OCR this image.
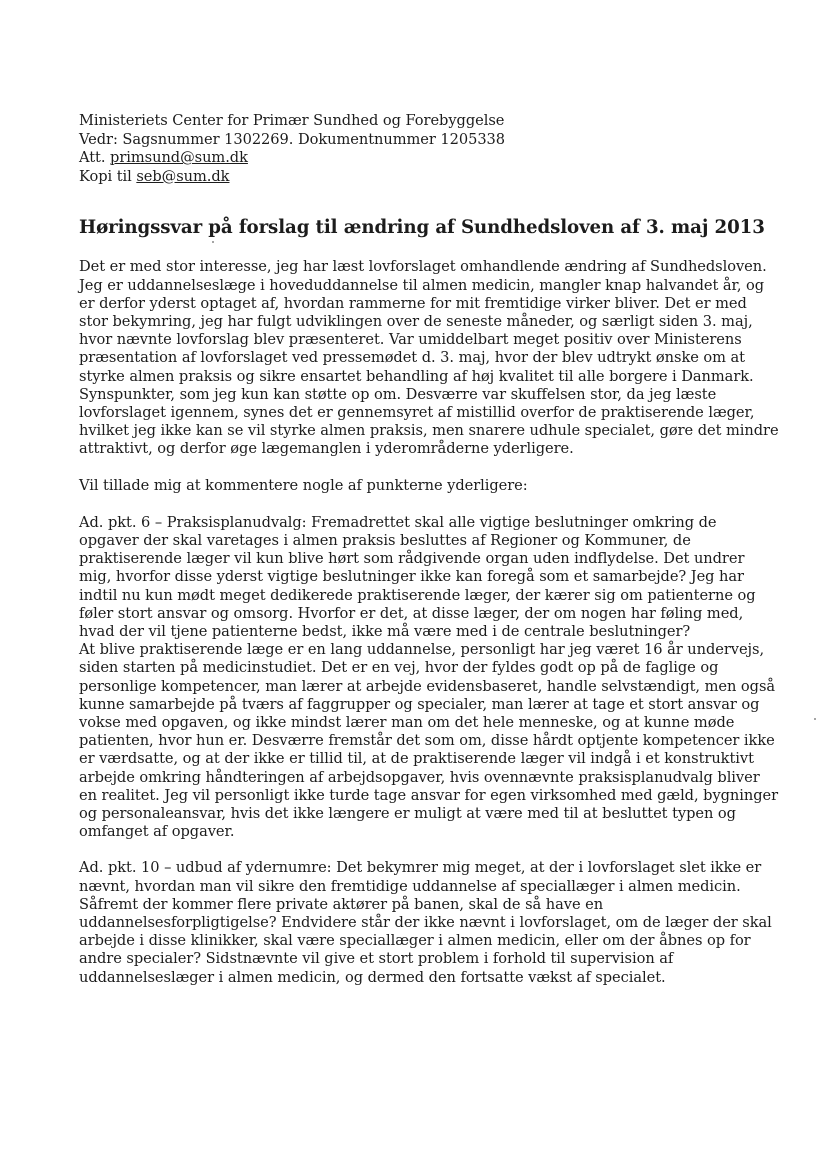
Ministeriets Center for Primær Sundhed og Forebyggelse
Vedr: Sagsnummer 1302269. Dokumentnummer 1205338
Att. primsund@sum.dk
Kopi til seb@sum.dk
Høringssvar på forslag til ændring af Sundhedsloven af 3. maj 2013
Det er med stor interesse, jeg har læst lovforslaget omhandlende ændring af Sundhedsloven.
Jeg er uddannelseslæge i hoveduddannelse til almen medicin, mangler knap halvandet år, og
er derfor yderst optaget af, hvordan rammerne for mit fremtidige virker bliver. Det er med
stor bekymring, jeg har fulgt udviklingen over de seneste måneder, og særligt siden 3. maj,
hvor nævnte lovforslag blev præsenteret. Var umiddelbart meget positiv over Ministerens
præsentation af lovforslaget ved pressemødet d. 3. maj, hvor der blev udtrykt ønske om at
styrke almen praksis og sikre ensartet behandling af høj kvalitet til alle borgere i Danmark.
Synspunkter, som jeg kun kan støtte op om. Desværre var skuffelsen stor, da jeg læste
lovforslaget igennem, synes det er gennemsyret af mistillid overfor de praktiserende læger,
hvilket jeg ikke kan se vil styrke almen praksis, men snarere udhule specialet, gøre det mindre
attraktivt, og derfor øge lægemanglen i yderområderne yderligere.
Vil tillade mig at kommentere nogle af punkterne yderligere:
Ad. pkt. 6 – Praksisplanudvalg: Fremadrettet skal alle vigtige beslutninger omkring de
opgaver der skal varetages i almen praksis besluttes af Regioner og Kommuner, de
praktiserende læger vil kun blive hørt som rådgivende organ uden indflydelse. Det undrer
mig, hvorfor disse yderst vigtige beslutninger ikke kan foregå som et samarbejde? Jeg har
indtil nu kun mødt meget dedikerede praktiserende læger, der kærer sig om patienterne og
føler stort ansvar og omsorg. Hvorfor er det, at disse læger, der om nogen har føling med,
hvad der vil tjene patienterne bedst, ikke må være med i de centrale beslutninger?
At blive praktiserende læge er en lang uddannelse, personligt har jeg været 16 år undervejs,
siden starten på medicinstudiet. Det er en vej, hvor der fyldes godt op på de faglige og
personlige kompetencer, man lærer at arbejde evidensbaseret, handle selvstændigt, men også
kunne samarbejde på tværs af faggrupper og specialer, man lærer at tage et stort ansvar og
vokse med opgaven, og ikke mindst lærer man om det hele menneske, og at kunne møde
patienten, hvor hun er. Desværre fremstår det som om, disse hårdt optjente kompetencer ikke
er værdsatte, og at der ikke er tillid til, at de praktiserende læger vil indgå i et konstruktivt
arbejde omkring håndteringen af arbejdsopgaver, hvis ovennævnte praksisplanudvalg bliver
en realitet. Jeg vil personligt ikke turde tage ansvar for egen virksomhed med gæld, bygninger
og personaleansvar, hvis det ikke længere er muligt at være med til at besluttet typen og
omfanget af opgaver.
Ad. pkt. 10 – udbud af ydernumre: Det bekymrer mig meget, at der i lovforslaget slet ikke er
nævnt, hvordan man vil sikre den fremtidige uddannelse af speciallæger i almen medicin.
Såfremt der kommer flere private aktører på banen, skal de så have en
uddannelsesforpligtigelse? Endvidere står der ikke nævnt i lovforslaget, om de læger der skal
arbejde i disse klinikker, skal være speciallæger i almen medicin, eller om der åbnes op for
andre specialer? Sidstnævnte vil give et stort problem i forhold til supervision af
uddannelseslæger i almen medicin, og dermed den fortsatte vækst af specialet.
